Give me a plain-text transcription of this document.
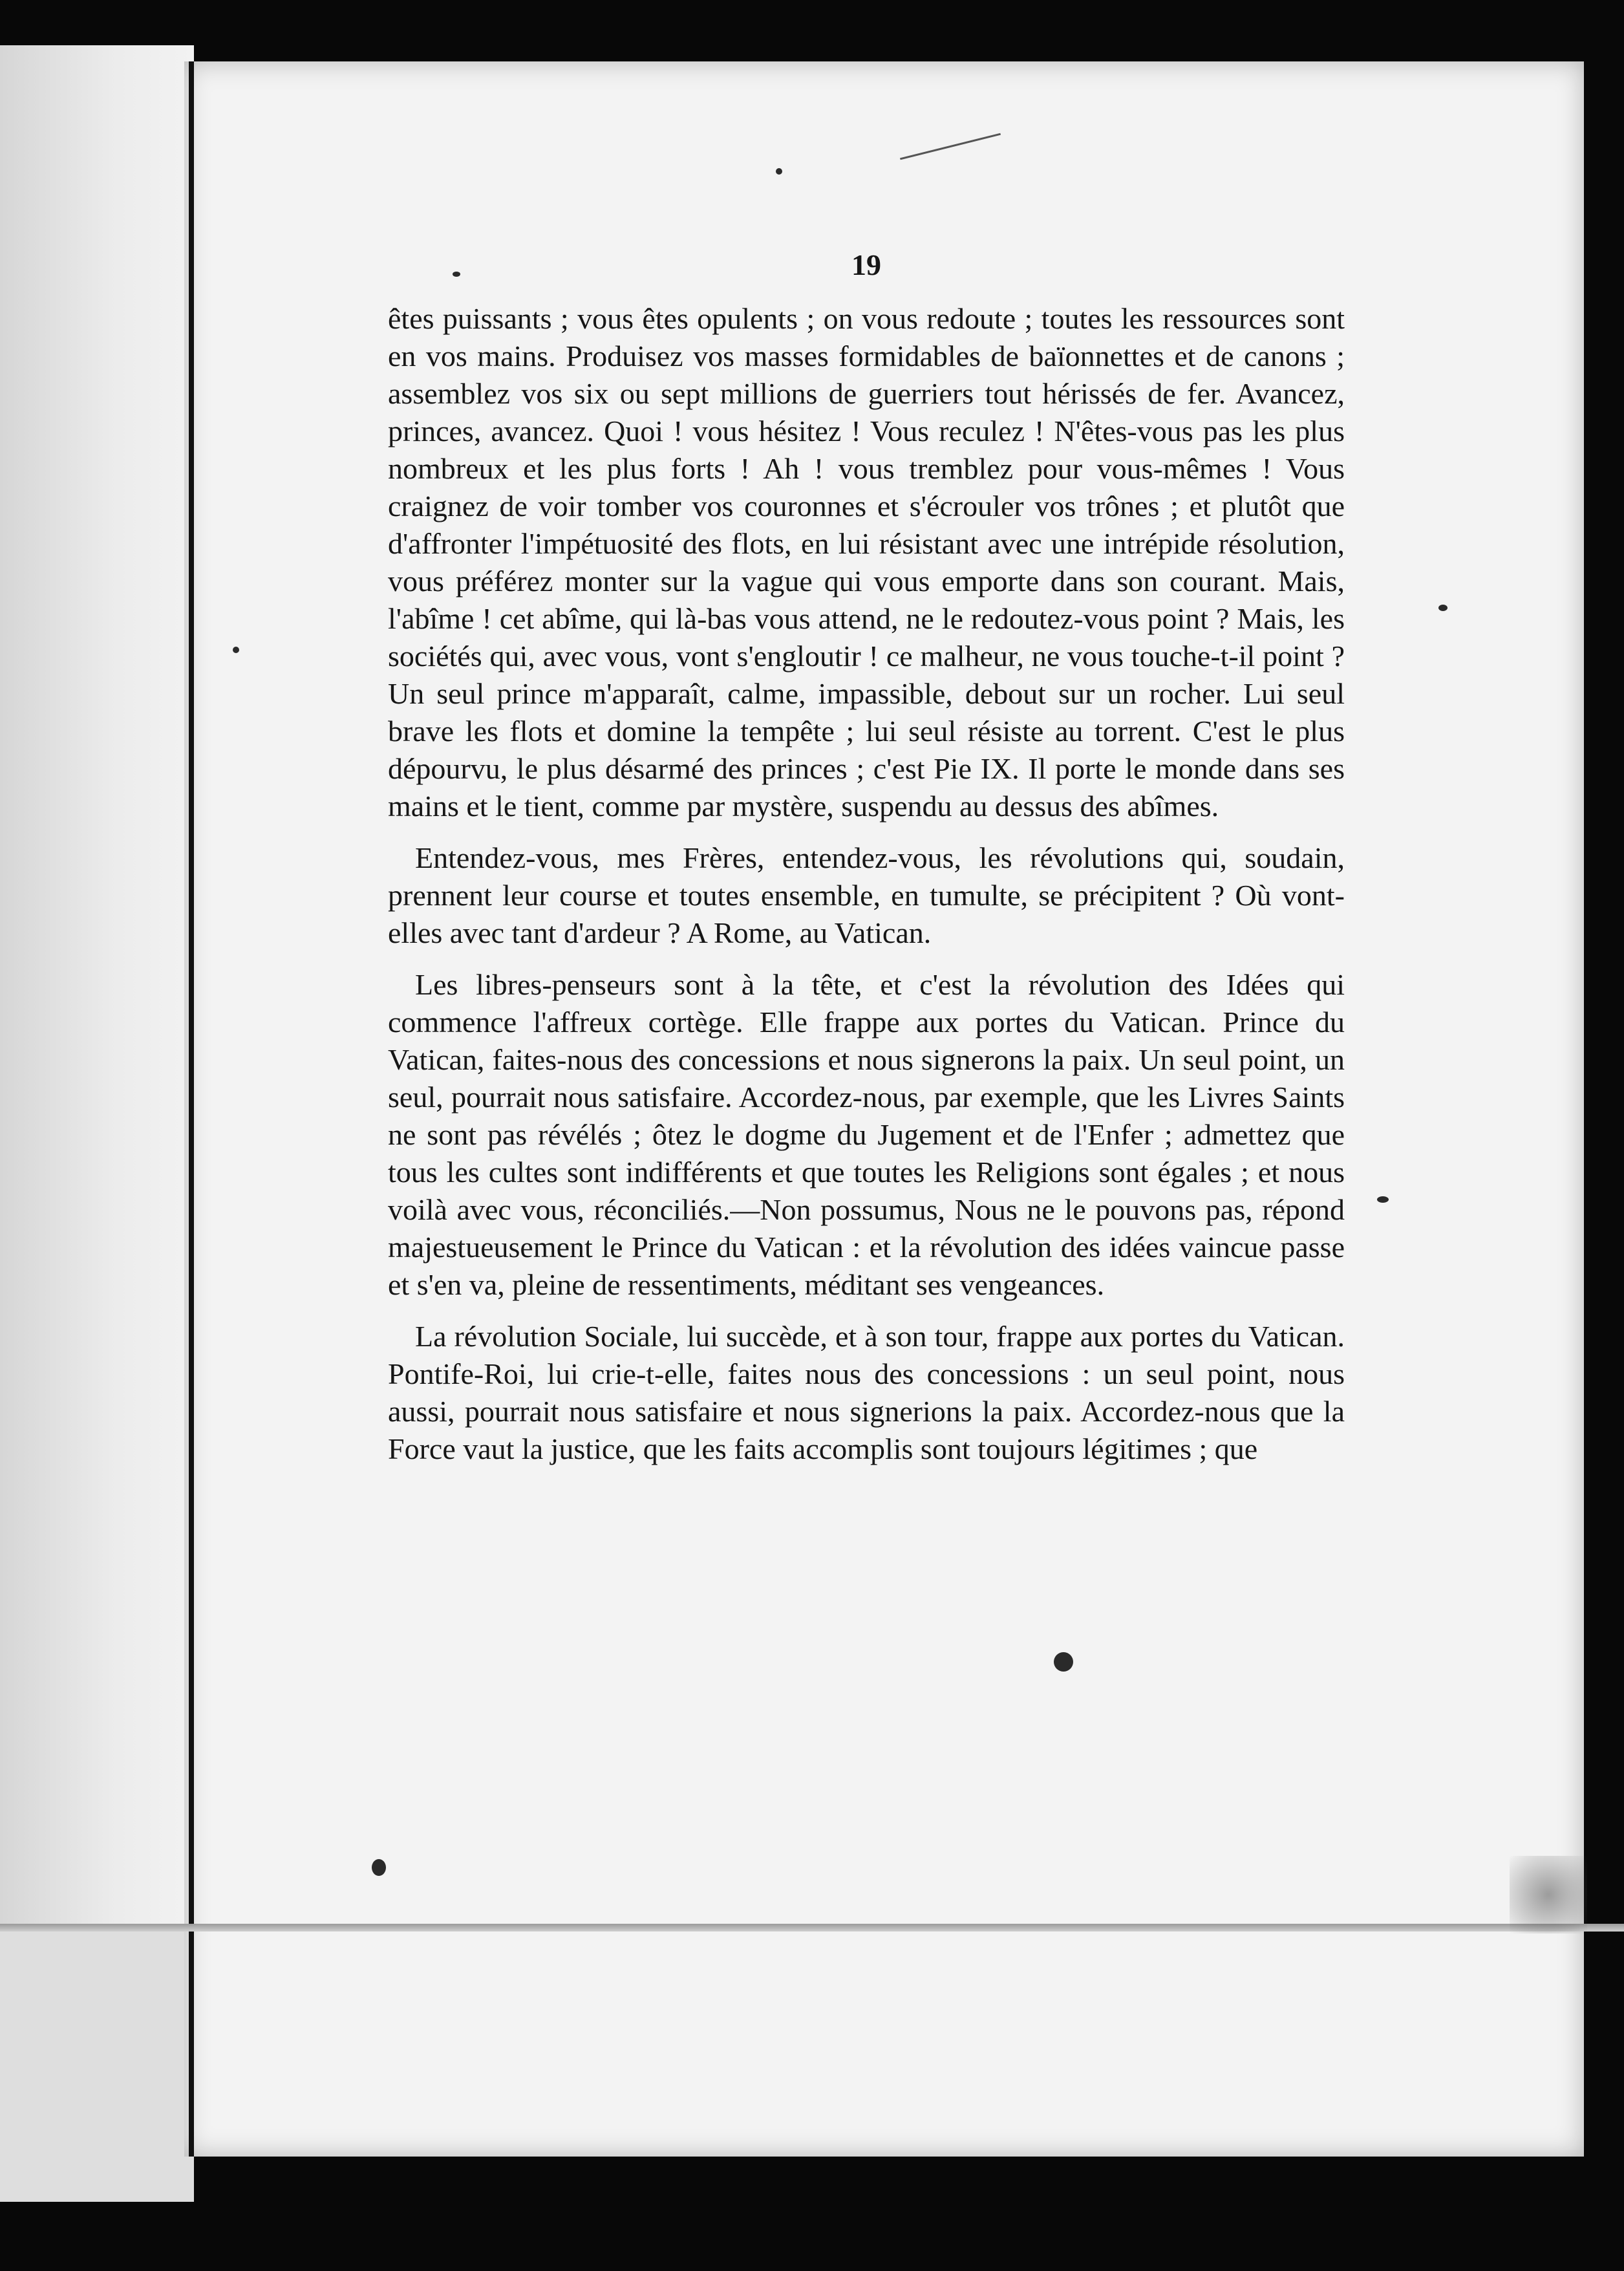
19

êtes puissants ; vous êtes opulents ; on vous redoute ; toutes les ressources sont en vos mains. Produisez vos masses formidables de baïonnettes et de canons ; assemblez vos six ou sept millions de guerriers tout hérissés de fer. Avancez, princes, avancez. Quoi ! vous hésitez ! Vous reculez ! N'êtes-vous pas les plus nombreux et les plus forts ! Ah ! vous tremblez pour vous-mêmes ! Vous craignez de voir tomber vos couronnes et s'écrouler vos trônes ; et plutôt que d'affronter l'impétuosité des flots, en lui résistant avec une intrépide résolution, vous préférez monter sur la vague qui vous emporte dans son courant. Mais, l'abîme ! cet abîme, qui là-bas vous attend, ne le redoutez-vous point ? Mais, les sociétés qui, avec vous, vont s'engloutir ! ce malheur, ne vous touche-t-il point ? Un seul prince m'apparaît, calme, impassible, debout sur un rocher. Lui seul brave les flots et domine la tempête ; lui seul résiste au torrent. C'est le plus dépourvu, le plus désarmé des princes ; c'est Pie IX. Il porte le monde dans ses mains et le tient, comme par mystère, suspendu au dessus des abîmes.

Entendez-vous, mes Frères, entendez-vous, les révolutions qui, soudain, prennent leur course et toutes ensemble, en tumulte, se précipitent ? Où vont-elles avec tant d'ardeur ? A Rome, au Vatican.

Les libres-penseurs sont à la tête, et c'est la révolution des Idées qui commence l'affreux cortège. Elle frappe aux portes du Vatican. Prince du Vatican, faites-nous des concessions et nous signerons la paix. Un seul point, un seul, pourrait nous satisfaire. Accordez-nous, par exemple, que les Livres Saints ne sont pas révélés ; ôtez le dogme du Jugement et de l'Enfer ; admettez que tous les cultes sont indifférents et que toutes les Religions sont égales ; et nous voilà avec vous, réconciliés.—Non possumus, Nous ne le pouvons pas, répond majestueusement le Prince du Vatican : et la révolution des idées vaincue passe et s'en va, pleine de ressentiments, méditant ses vengeances.

La révolution Sociale, lui succède, et à son tour, frappe aux portes du Vatican. Pontife-Roi, lui crie-t-elle, faites nous des concessions : un seul point, nous aussi, pourrait nous satisfaire et nous signerions la paix. Accordez-nous que la Force vaut la justice, que les faits accomplis sont toujours légitimes ; que
